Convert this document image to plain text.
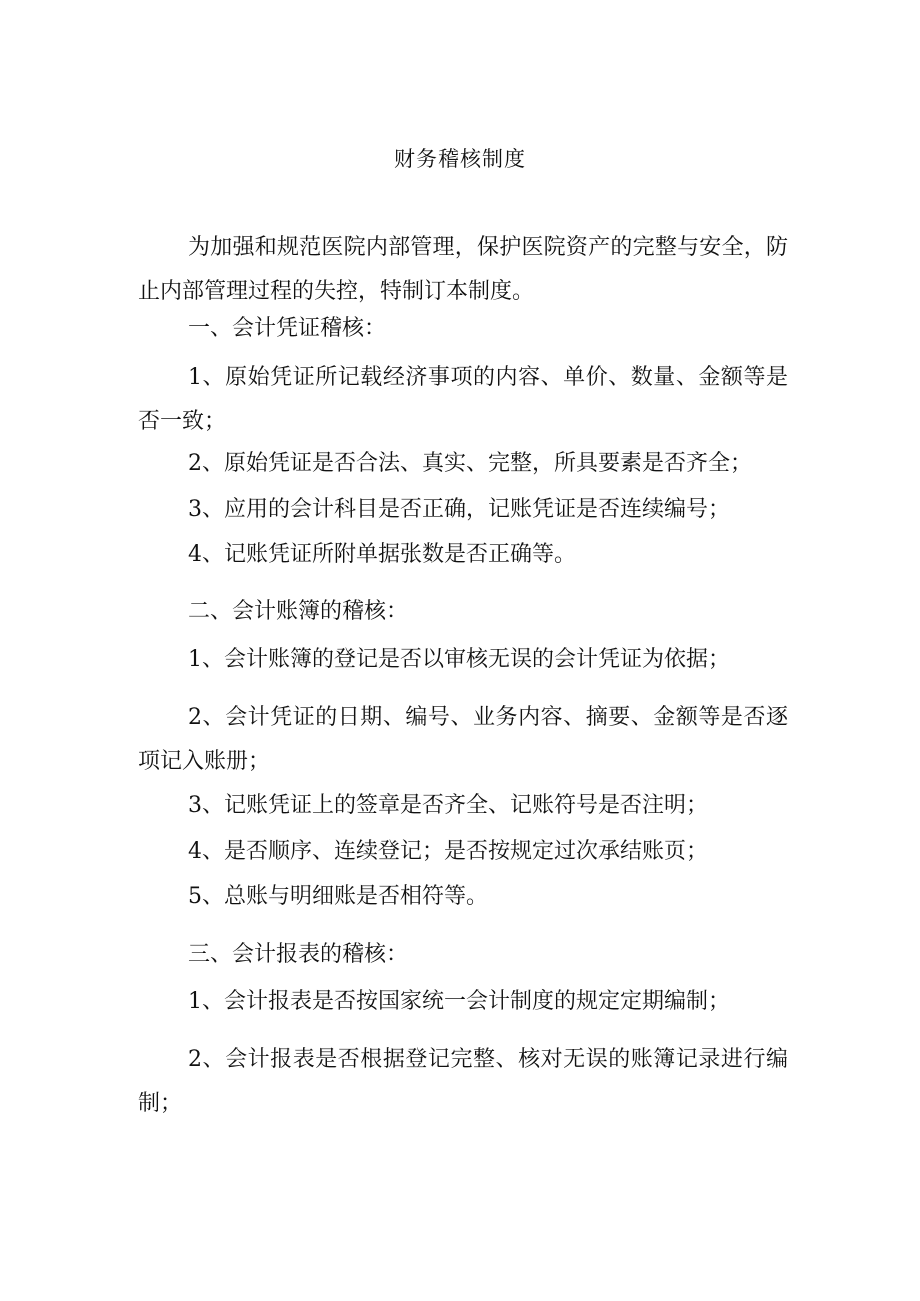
财务稽核制度

为加强和规范医院内部管理，保护医院资产的完整与安全，防止内部管理过程的失控，特制订本制度。

一、会计凭证稽核：

1、原始凭证所记载经济事项的内容、单价、数量、金额等是否一致；

2、原始凭证是否合法、真实、完整，所具要素是否齐全；

3、应用的会计科目是否正确，记账凭证是否连续编号；

4、记账凭证所附单据张数是否正确等。

二、会计账簿的稽核：

1、会计账簿的登记是否以审核无误的会计凭证为依据；

2、会计凭证的日期、编号、业务内容、摘要、金额等是否逐项记入账册；

3、记账凭证上的签章是否齐全、记账符号是否注明；

4、是否顺序、连续登记；是否按规定过次承结账页；

5、总账与明细账是否相符等。

三、会计报表的稽核：

1、会计报表是否按国家统一会计制度的规定定期编制；

2、会计报表是否根据登记完整、核对无误的账簿记录进行编制；
